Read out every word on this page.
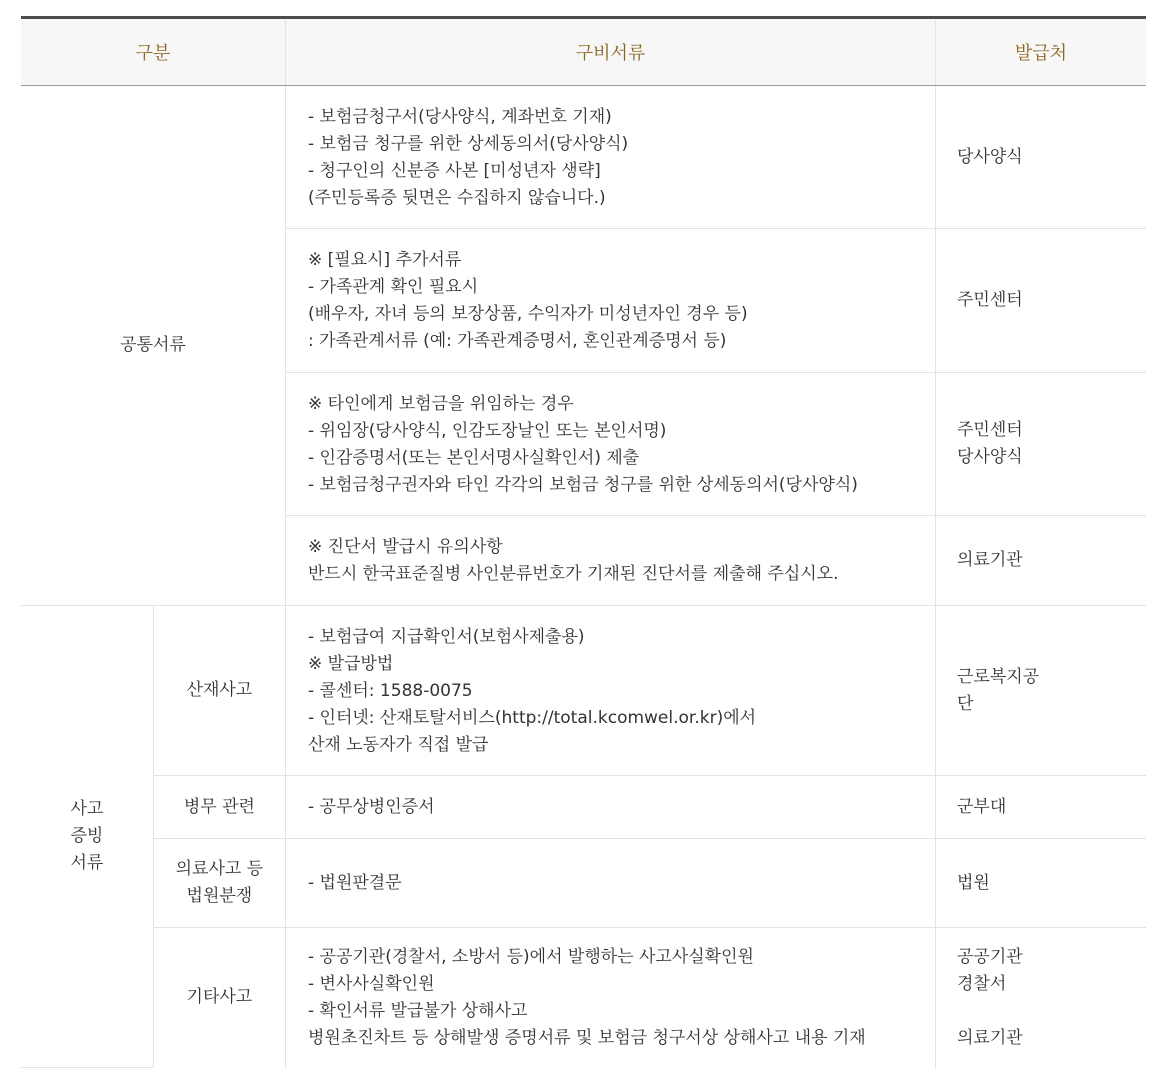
구분		구비서류	발급처

공통서류		- 보험금청구서(당사양식, 계좌번호 기재)
- 보험금 청구를 위한 상세동의서(당사양식)
- 청구인의 신분증 사본 [미성년자 생략]
(주민등록증 뒷면은 수집하지 않습니다.)	당사양식

		※ [필요시] 추가서류
- 가족관계 확인 필요시
(배우자, 자녀 등의 보장상품, 수익자가 미성년자인 경우 등)
: 가족관계서류 (예: 가족관계증명서, 혼인관계증명서 등)	주민센터

		※ 타인에게 보험금을 위임하는 경우
- 위임장(당사양식, 인감도장날인 또는 본인서명)
- 인감증명서(또는 본인서명사실확인서) 제출
- 보험금청구권자와 타인 각각의 보험금 청구를 위한 상세동의서(당사양식)	주민센터
당사양식

		※ 진단서 발급시 유의사항
반드시 한국표준질병 사인분류번호가 기재된 진단서를 제출해 주십시오.	의료기관

사고
증빙
서류	산재사고	- 보험급여 지급확인서(보험사제출용)
※ 발급방법
- 콜센터: 1588-0075
- 인터넷: 산재토탈서비스(http://total.kcomwel.or.kr)에서
산재 노동자가 직접 발급	근로복지공
단

	병무 관련	- 공무상병인증서	군부대

	의료사고 등
법원분쟁	- 법원판결문	법원

	기타사고	- 공공기관(경찰서, 소방서 등)에서 발행하는 사고사실확인원
- 변사사실확인원
- 확인서류 발급불가 상해사고
병원초진차트 등 상해발생 증명서류 및 보험금 청구서상 상해사고 내용 기재	공공기관
경찰서
의료기관
